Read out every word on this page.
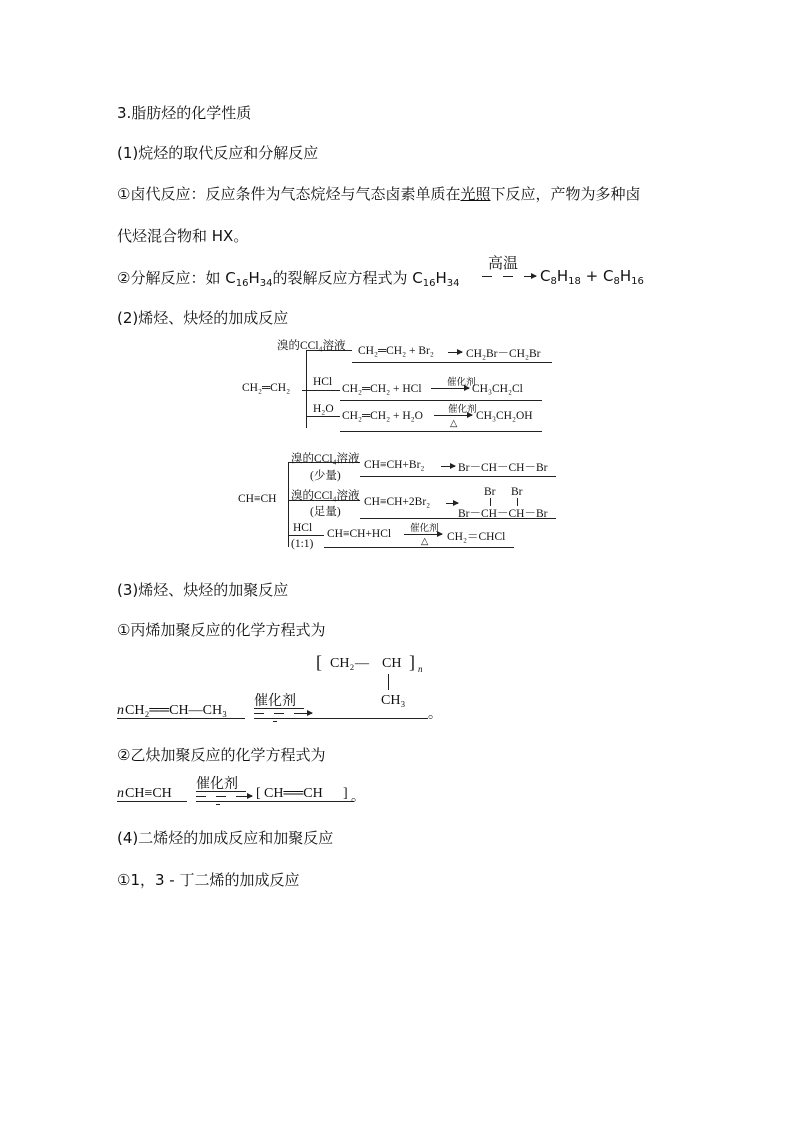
3.脂肪烃的化学性质
(1)烷烃的取代反应和分解反应
①卤代反应：反应条件为气态烷烃与气态卤素单质在光照下反应，产物为多种卤
代烃混合物和 HX。
②分解反应：如 $C_{16}H_{34}$的裂解反应方程式为 $C_{16}H_{34}$
高温
$C_8H_{18} + C_8H_{16}$
(2)烯烃、炔烃的加成反应
CH₂═CH₂
溴的CCl₄溶液 CH₂═CH₂ + Br₂	CH₂Br－CH₂Br
HCl
CH₂═CH₂ + HCl	催化剂
CH₃CH₂Cl
H₂O
CH₂═CH₂ + H₂O	催化剂
△
CH₃CH₂OH
CH≡CH
溴的CCl₄溶液
(少量)
CH≡CH+Br₂	Br－CH－CH－Br
溴的CCl₄溶液
(足量)
CH≡CH+2Br₂
Br Br
Br－CH－CH－Br
HCl
(1:1)
CH≡CH+HCl 催化剂
△ CH₂＝CHCl
(3)烯烃、炔烃的加聚反应
①丙烯加聚反应的化学方程式为
[ CH₂ — CH ] n
CH₃
n CH₂══CH—CH₃
催化剂
。
②乙炔加聚反应的化学方程式为
n CH≡CH
催化剂
[ CH══CH ] 。
(4)二烯烃的加成反应和加聚反应
①1，3 - 丁二烯的加成反应
